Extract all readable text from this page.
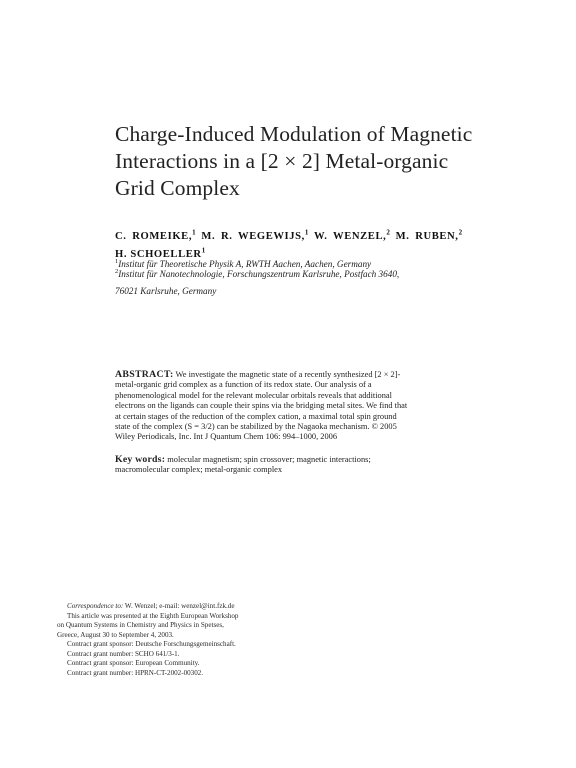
Charge-Induced Modulation of Magnetic
Interactions in a [2 × 2] Metal-organic
Grid Complex
C. ROMEIKE,$^1$ M. R. WEGEWIJS,$^1$ W. WENZEL,$^2$ M. RUBEN,$^2$
H. SCHOELLER$^1$
$^1$Institut für Theoretische Physik A, RWTH Aachen, Aachen, Germany
$^2$Institut für Nanotechnologie, Forschungszentrum Karlsruhe, Postfach 3640,
76021 Karlsruhe, Germany
ABSTRACT: We investigate the magnetic state of a recently synthesized [2 × 2]-
metal-organic grid complex as a function of its redox state. Our analysis of a
phenomenological model for the relevant molecular orbitals reveals that additional
electrons on the ligands can couple their spins via the bridging metal sites. We find that
at certain stages of the reduction of the complex cation, a maximal total spin ground
state of the complex (S = 3/2) can be stabilized by the Nagaoka mechanism. © 2005
Wiley Periodicals, Inc. Int J Quantum Chem 106: 994–1000, 2006
Key words: molecular magnetism; spin crossover; magnetic interactions;
macromolecular complex; metal-organic complex
Correspondence to: W. Wenzel; e-mail: wenzel@int.fzk.de
This article was presented at the Eighth European Workshop
on Quantum Systems in Chemistry and Physics in Spetses,
Greece, August 30 to September 4, 2003.
Contract grant sponsor: Deutsche Forschungsgemeinschaft.
Contract grant number: SCHO 641/3-1.
Contract grant sponsor: European Community.
Contract grant number: HPRN-CT-2002-00302.
